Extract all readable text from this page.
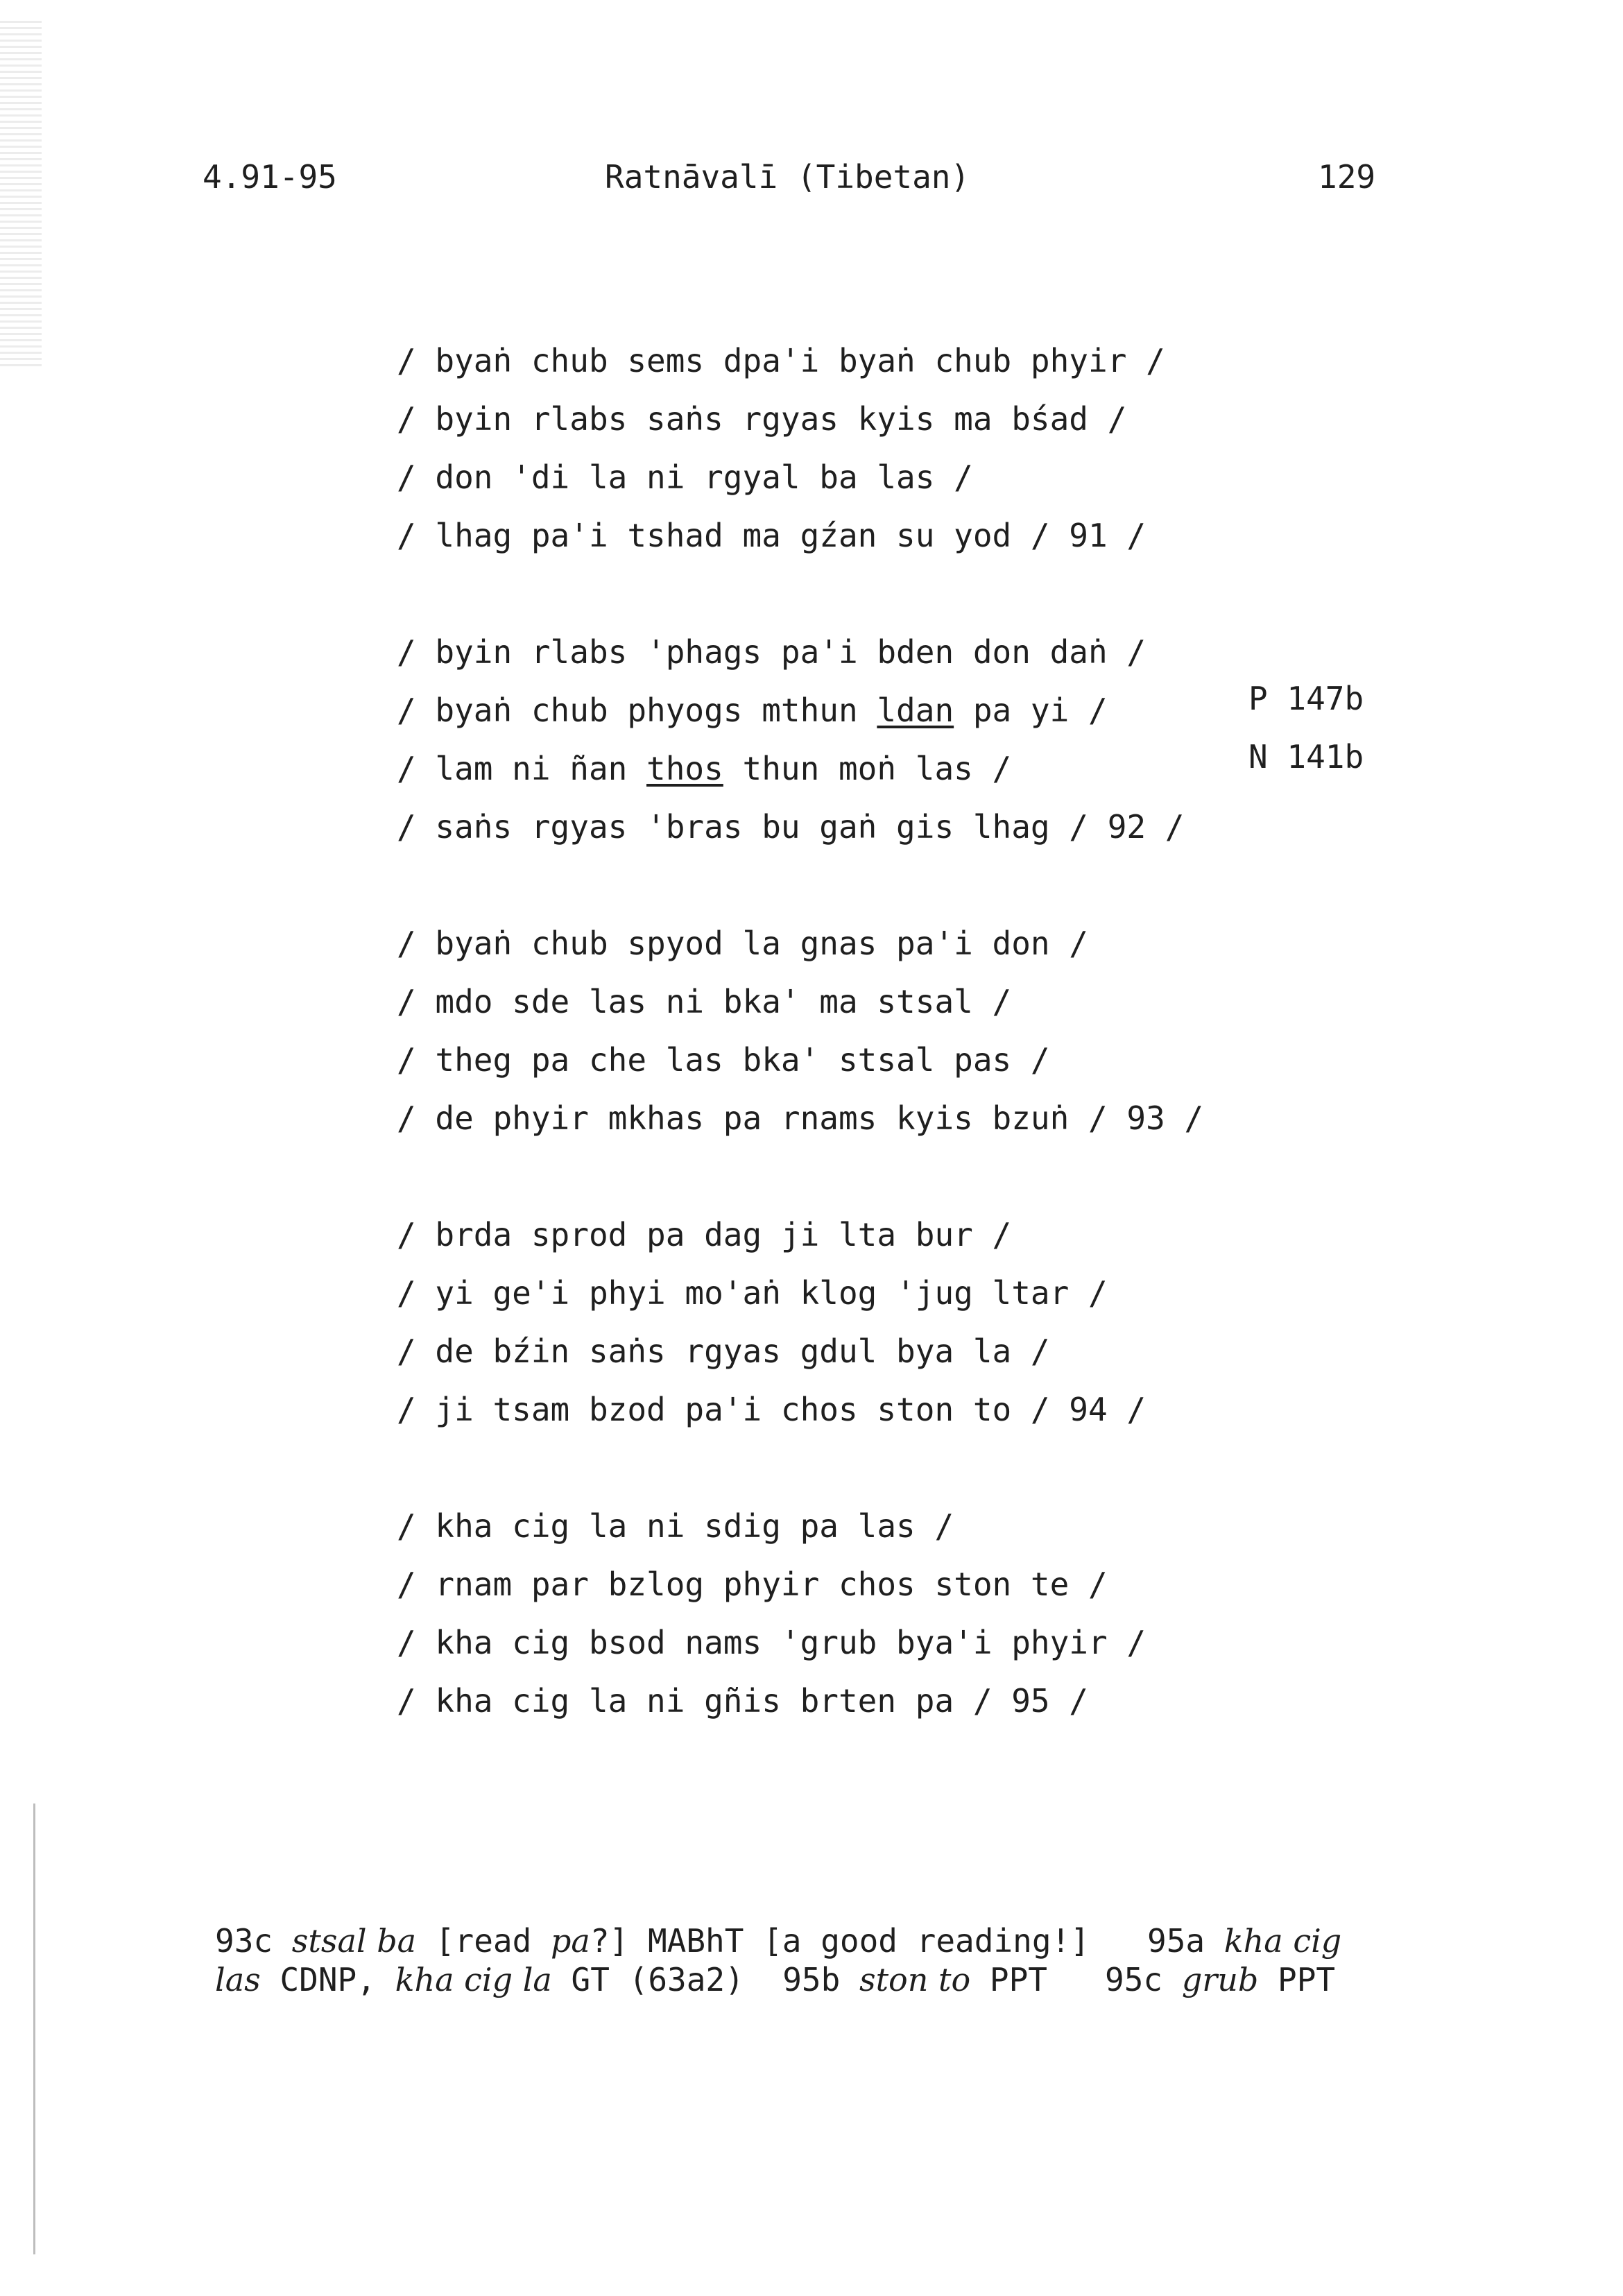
4.91-95	Ratnāvalī (Tibetan)	129
/ byaṅ chub sems dpa'i byaṅ chub phyir /
/ byin rlabs saṅs rgyas kyis ma bśad /
/ don 'di la ni rgyal ba las /
/ lhag pa'i tshad ma gźan su yod / 91 /
/ byin rlabs 'phags pa'i bden don daṅ /
/ byaṅ chub phyogs mthun ldan pa yi /
/ lam ni ñan thos thun moṅ las /
/ saṅs rgyas 'bras bu gaṅ gis lhag / 92 /
/ byaṅ chub spyod la gnas pa'i don /
/ mdo sde las ni bka' ma stsal /
/ theg pa che las bka' stsal pas /
/ de phyir mkhas pa rnams kyis bzuṅ / 93 /
/ brda sprod pa dag ji lta bur /
/ yi ge'i phyi mo'aṅ klog 'jug ltar /
/ de bźin saṅs rgyas gdul bya la /
/ ji tsam bzod pa'i chos ston to / 94 /
/ kha cig la ni sdig pa las /
/ rnam par bzlog phyir chos ston te /
/ kha cig bsod nams 'grub bya'i phyir /
/ kha cig la ni gñis brten pa / 95 /
P 147b
N 141b
93c stsal ba [read pa?] MABhT [a good reading!]   95a kha cig
las CDNP, kha cig la GT (63a2)  95b ston to PPT   95c grub PPT
